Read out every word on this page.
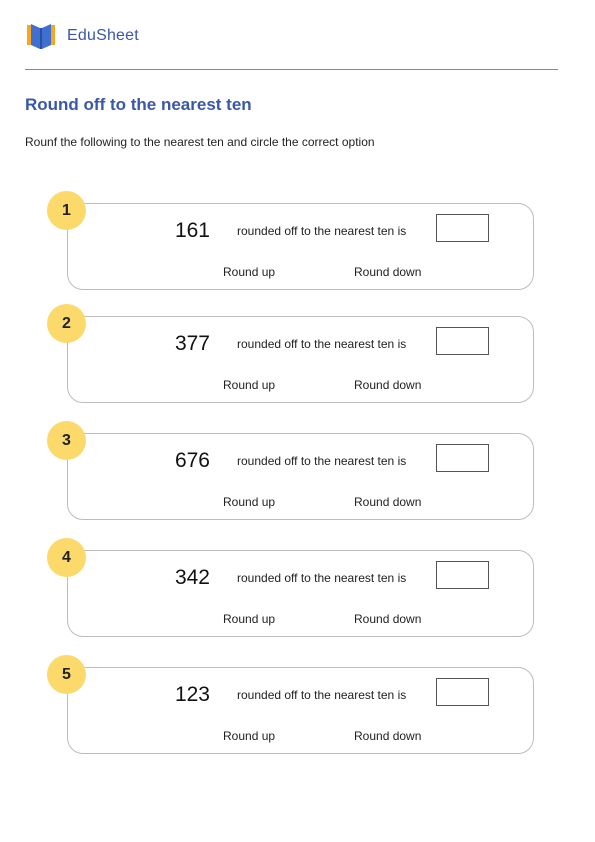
EduSheet
Round off to the nearest ten

Rounf the following to the nearest ten and circle the correct option

161 rounded off to the nearest ten is
Round up	Round down
1
377 rounded off to the nearest ten is
Round up	Round down
2
676 rounded off to the nearest ten is
Round up	Round down
3
342 rounded off to the nearest ten is
Round up	Round down
4
123 rounded off to the nearest ten is
Round up	Round down
5
